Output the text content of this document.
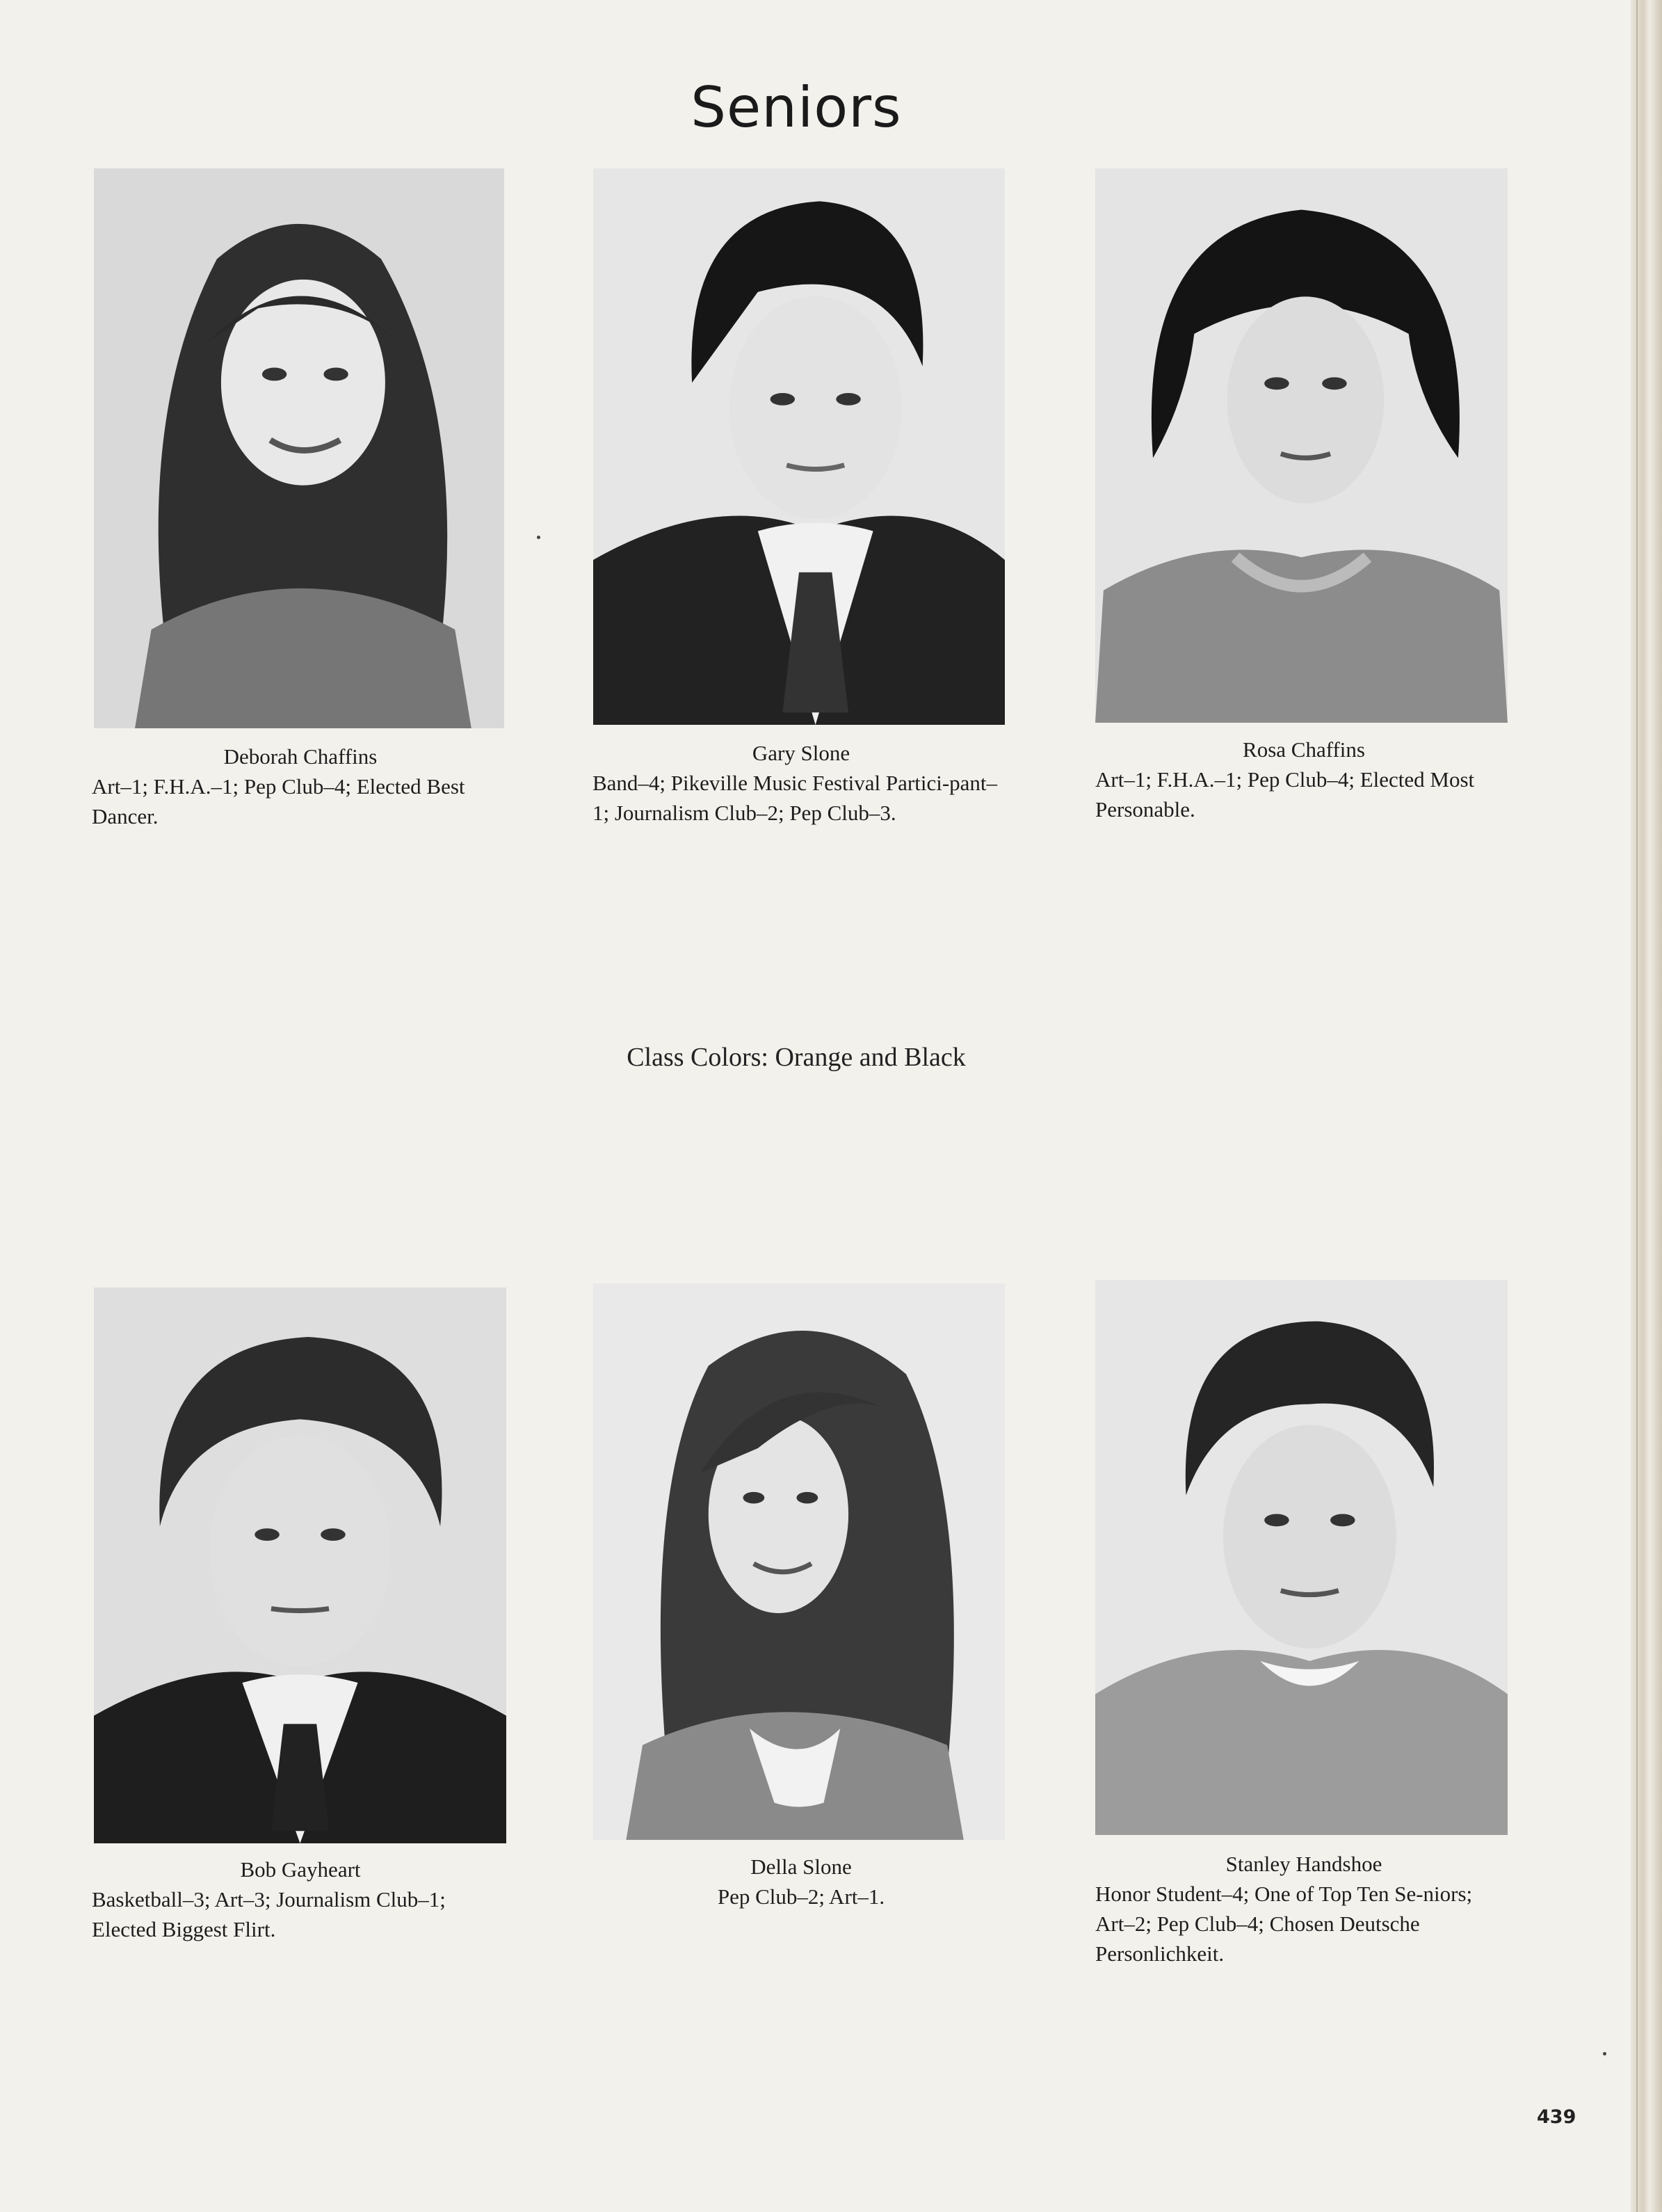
Seniors
Deborah Chaffins
Art–1; F.H.A.–1; Pep Club–4; Elected Best Dancer.
Gary Slone
Band–4; Pikeville Music Festival Partici-pant–1; Journalism Club–2; Pep Club–3.
Rosa Chaffins
Art–1; F.H.A.–1; Pep Club–4; Elected Most Personable.
Class Colors: Orange and Black
Bob Gayheart
Basketball–3; Art–3; Journalism Club–1; Elected Biggest Flirt.
Della Slone
Pep Club–2; Art–1.
Stanley Handshoe
Honor Student–4; One of Top Ten Se-niors; Art–2; Pep Club–4; Chosen Deutsche Personlichkeit.
439
